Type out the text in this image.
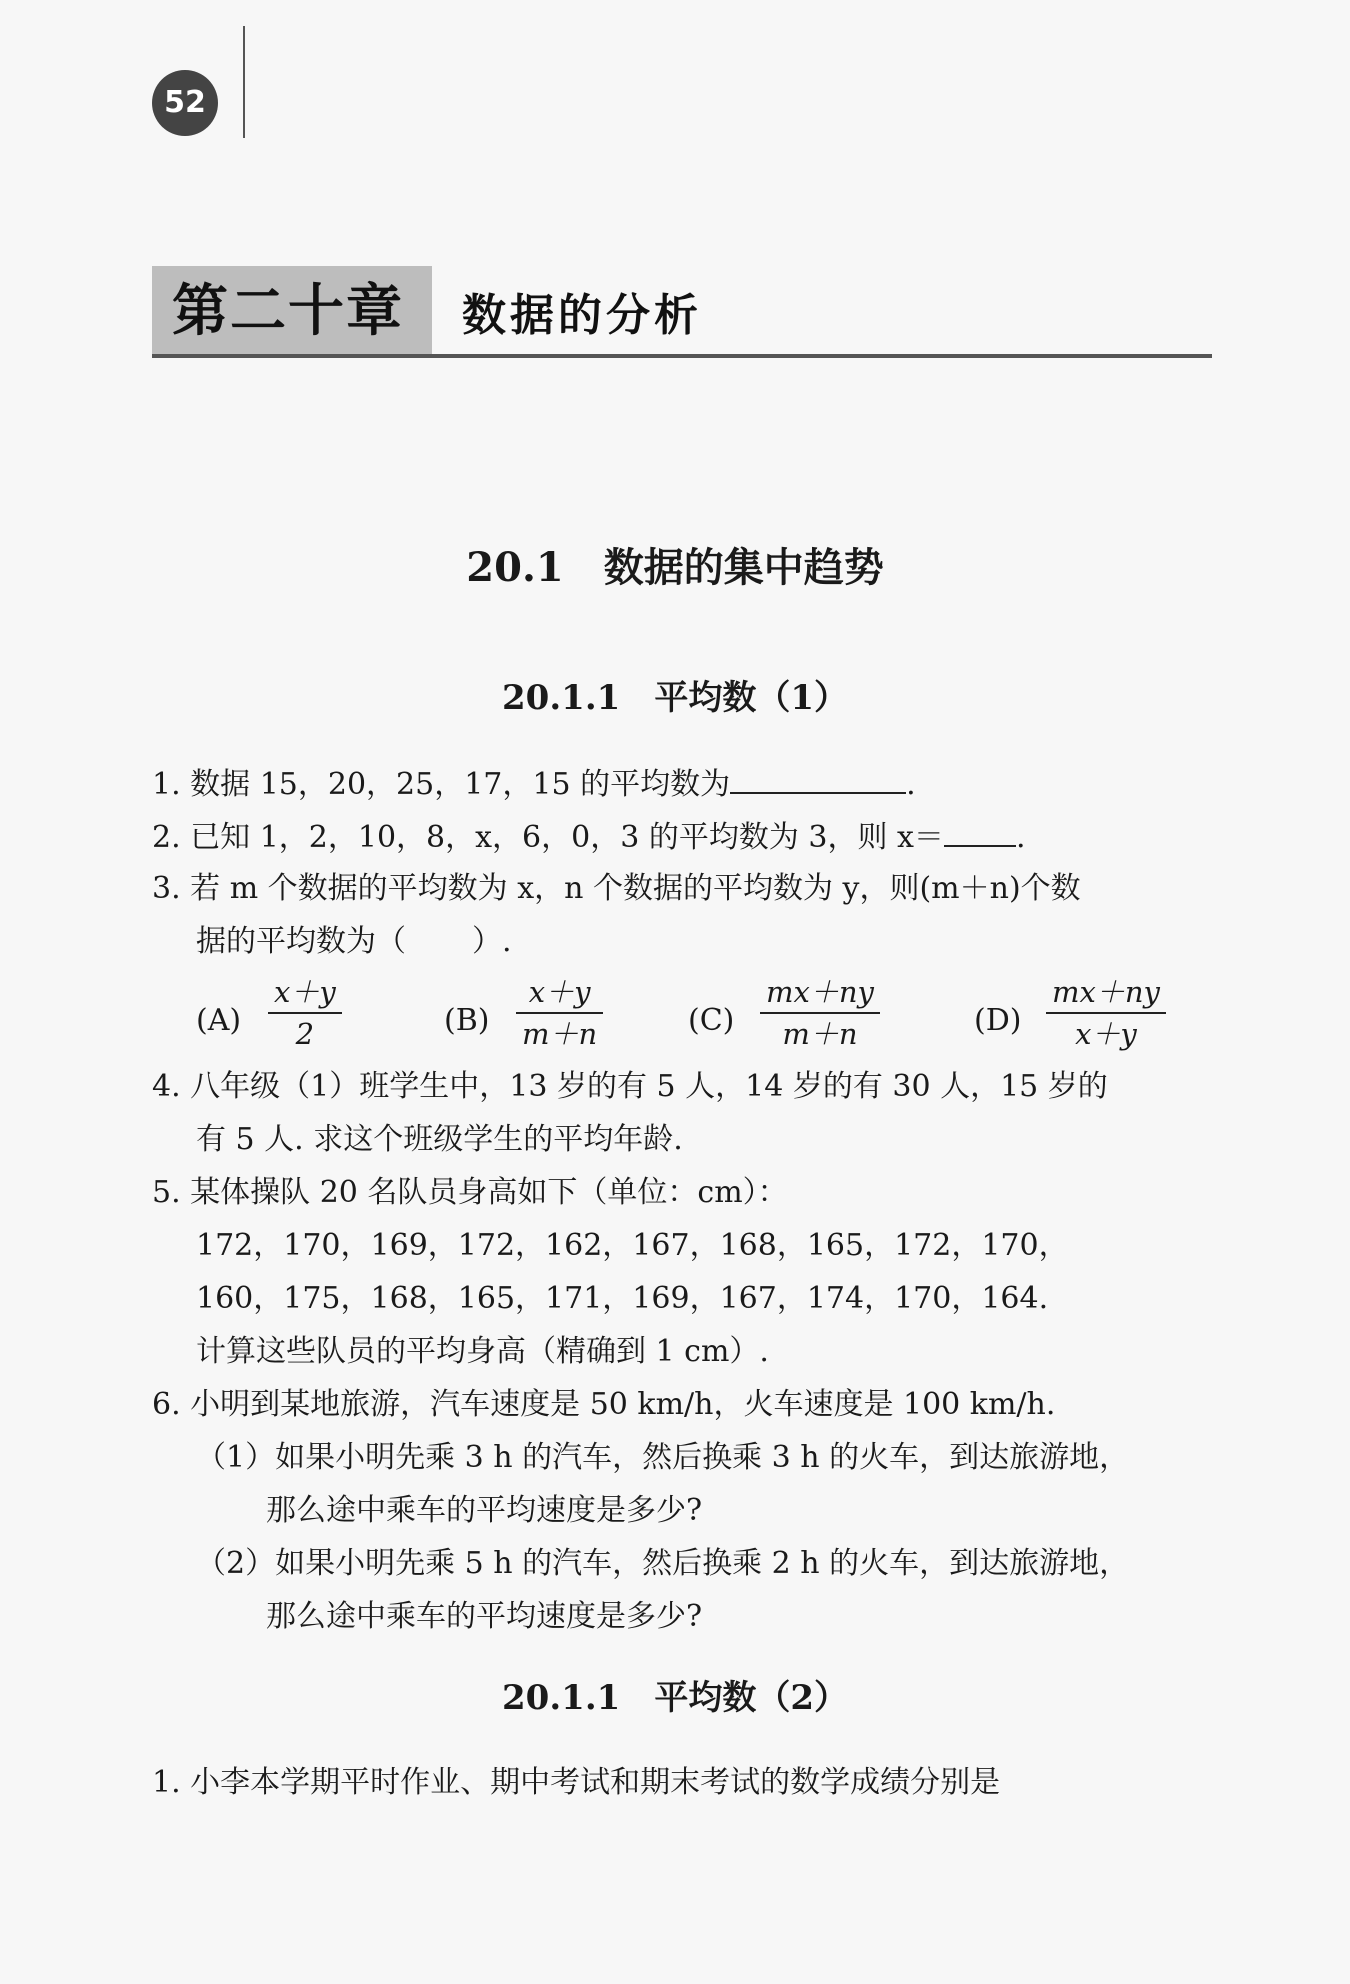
52
第二十章 数据的分析
20.1　数据的集中趋势
20.1.1　平均数（1）
1. 数据 15，20，25，17，15 的平均数为	.
2. 已知 1，2，10，8，x，6，0，3 的平均数为 3，则 x＝ .
3. 若 m 个数据的平均数为 x，n 个数据的平均数为 y，则(m＋n)个数
据的平均数为（ ）.
$(A) \frac{x+y}{2}$	$(B) \frac{x+y}{m+n}$	$(C) \frac{mx+ny}{m+n}$	$(D) \frac{mx+ny}{x+y}$
4. 八年级（1）班学生中，13 岁的有 5 人，14 岁的有 30 人，15 岁的
有 5 人. 求这个班级学生的平均年龄.
5. 某体操队 20 名队员身高如下（单位：cm）：
172，170，169，172，162，167，168，165，172，170，
160，175，168，165，171，169，167，174，170，164.
计算这些队员的平均身高（精确到 1 cm）.
6. 小明到某地旅游，汽车速度是 50 km/h，火车速度是 100 km/h.
（1）如果小明先乘 3 h 的汽车，然后换乘 3 h 的火车，到达旅游地，
那么途中乘车的平均速度是多少?
（2）如果小明先乘 5 h 的汽车，然后换乘 2 h 的火车，到达旅游地，
那么途中乘车的平均速度是多少?
20.1.1　平均数（2）
1. 小李本学期平时作业、期中考试和期末考试的数学成绩分别是
